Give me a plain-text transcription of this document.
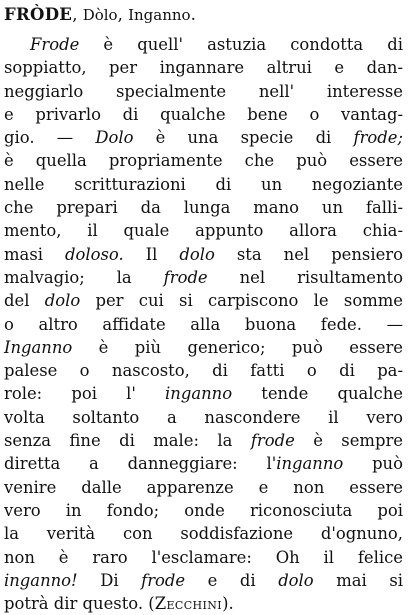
FRÒDE, Dòlo, Inganno.
Frode è quell' astuzia condotta di
soppiatto, per ingannare altrui e dan-
neggiarlo specialmente nell' interesse
e privarlo di qualche bene o vantag-
gio. — Dolo è una specie di frode;
è quella propriamente che può essere
nelle scritturazioni di un negoziante
che prepari da lunga mano un falli-
mento, il quale appunto allora chia-
masi doloso. Il dolo sta nel pensiero
malvagio; la frode nel risultamento
del dolo per cui si carpiscono le somme
o altro affidate alla buona fede. —
Inganno è più generico; può essere
palese o nascosto, di fatti o di pa-
role: poi l' inganno tende qualche
volta soltanto a nascondere il vero
senza fine di male: la frode è sempre
diretta a danneggiare: l'inganno può
venire dalle apparenze e non essere
vero in fondo; onde riconosciuta poi
la verità con soddisfazione d'ognuno,
non è raro l'esclamare: Oh il felice
inganno! Di frode e di dolo mai si
potrà dir questo. (Zecchini).
